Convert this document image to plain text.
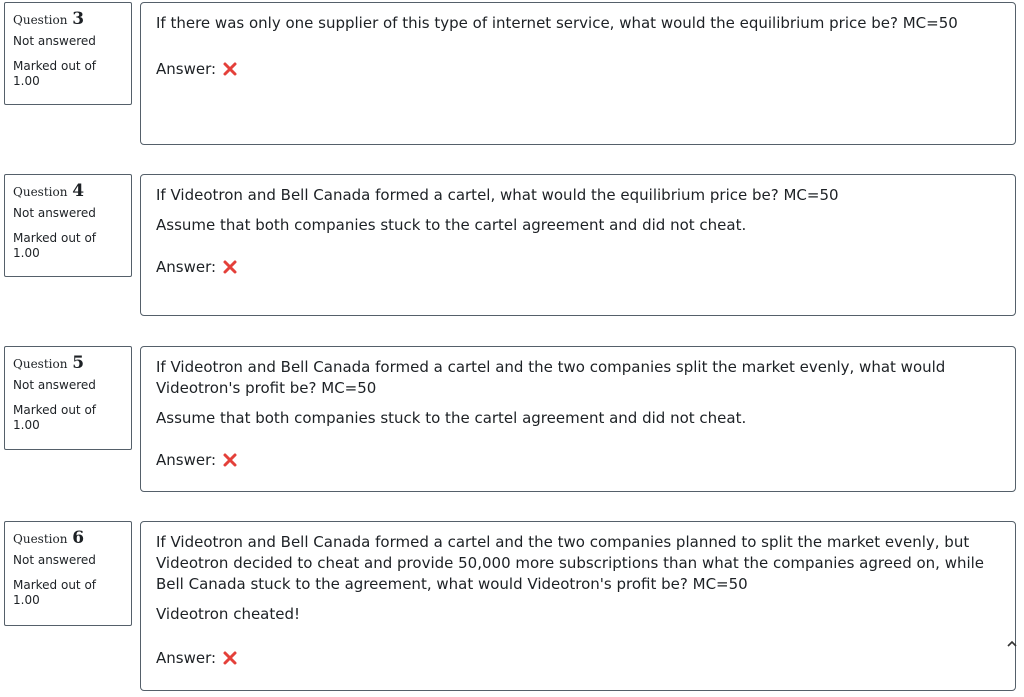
Question 3
Not answered
Marked out of
1.00

If there was only one supplier of this type of internet service, what would the equilibrium price be? MC=50

Answer:
Question 4
Not answered
Marked out of
1.00

If Videotron and Bell Canada formed a cartel, what would the equilibrium price be? MC=50

Assume that both companies stuck to the cartel agreement and did not cheat.

Answer:
Question 5
Not answered
Marked out of
1.00

If Videotron and Bell Canada formed a cartel and the two companies split the market evenly, what would Videotron's profit be? MC=50

Assume that both companies stuck to the cartel agreement and did not cheat.

Answer:
Question 6
Not answered
Marked out of
1.00

If Videotron and Bell Canada formed a cartel and the two companies planned to split the market evenly, but Videotron decided to cheat and provide 50,000 more subscriptions than what the companies agreed on, while Bell Canada stuck to the agreement, what would Videotron's profit be? MC=50

Videotron cheated!

Answer:
